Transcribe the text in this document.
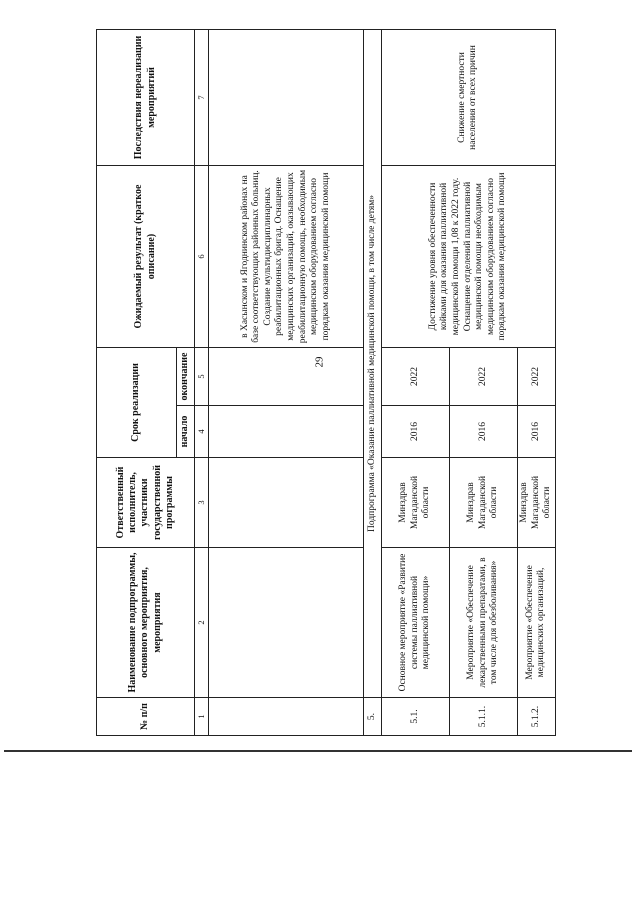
29
№ п/п	Наименование подпрограммы, основного мероприятия, мероприятия	Ответственный исполнитель, участники государственной программы	Срок реализации		Ожидаемый результат (краткое описание)	Последствия нереализации мероприятий
			начало	окончание		
1	2	3	4	5	6	7
					в Хасынском и Ягоднинском районах на базе соответствующих районных больниц. Создание мультидисциплинарных реабилитационных бригад. Оснащение медицинских организаций, оказывающих реабилитационную помощь, необходимым медицинским оборудованием согласно порядкам оказания медицинской помощи	
5.	Подпрограмма «Оказание паллиативной медицинской помощи, в том числе детям»					
5.1.	Основное мероприятие «Развитие системы паллиативной медицинской помощи»	Минздрав Магаданской области	2016	2022	Достижение уровня обеспеченности койками для оказания паллиативной медицинской помощи 1,08 к 2022 году. Оснащение отделений паллиативной медицинской помощи необходимым медицинским оборудованием согласно порядкам оказания медицинской помощи	Снижение смертности населения от всех причин
5.1.1.	Мероприятие «Обеспечение лекарственными препаратами, в том числе для обезболивания»	Минздрав Магаданской области	2016	2022		
5.1.2.	Мероприятие «Обеспечение медицинских организаций,	Минздрав Магаданской области	2016	2022		
